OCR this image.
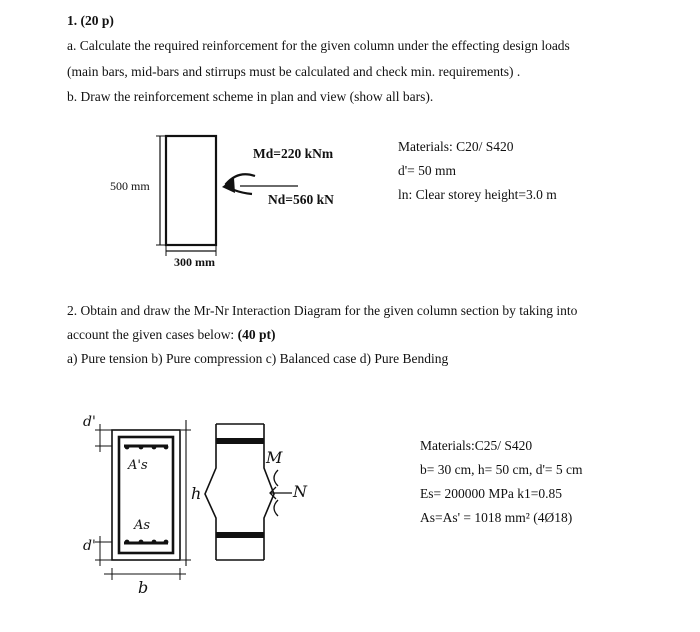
1. (20 p)
a. Calculate the required reinforcement for the given column under the effecting design loads
(main bars, mid-bars and stirrups must be calculated and check min. requirements) .
b. Draw the reinforcement scheme in plan and view (show all bars).
500 mm
300 mm
Md=220 kNm
Nd=560 kN
Materials: C20/ S420
d'= 50 mm
ln: Clear storey height=3.0 m
2. Obtain and draw the Mr-Nr Interaction Diagram for the given column section by taking into
account the given cases below: (40 pt)
a) Pure tension b) Pure compression c) Balanced case d) Pure Bending
d'
d'
A's
As
h
b
M
N
Materials:C25/ S420
b= 30 cm, h= 50 cm, d'= 5 cm
Es= 200000 MPa k1=0.85
As=As' = 1018 mm² (4Ø18)
